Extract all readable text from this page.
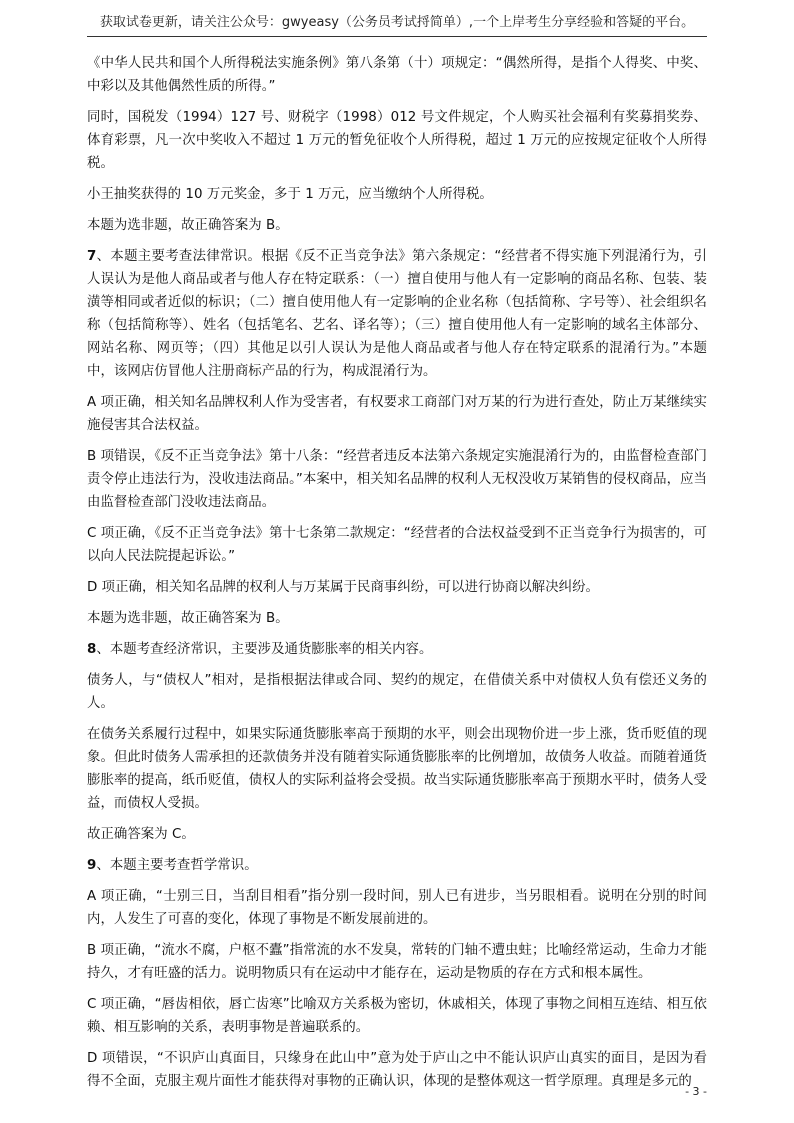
获取试卷更新，请关注公众号：gwyeasy（公务员考试捋简单）,一个上岸考生分享经验和答疑的平台。

《中华人民共和国个人所得税法实施条例》第八条第（十）项规定：“偶然所得，是指个人得奖、中奖、中彩以及其他偶然性质的所得。”

同时，国税发（1994）127 号、财税字（1998）012 号文件规定，个人购买社会福利有奖募捐奖券、体育彩票，凡一次中奖收入不超过 1 万元的暂免征收个人所得税，超过 1 万元的应按规定征收个人所得税。

小王抽奖获得的 10 万元奖金，多于 1 万元，应当缴纳个人所得税。

本题为选非题，故正确答案为 B。

7、本题主要考查法律常识。根据《反不正当竞争法》第六条规定：“经营者不得实施下列混淆行为，引人误认为是他人商品或者与他人存在特定联系：（一）擅自使用与他人有一定影响的商品名称、包装、装潢等相同或者近似的标识；（二）擅自使用他人有一定影响的企业名称（包括简称、字号等）、社会组织名称（包括简称等）、姓名（包括笔名、艺名、译名等）；（三）擅自使用他人有一定影响的域名主体部分、网站名称、网页等；（四）其他足以引人误认为是他人商品或者与他人存在特定联系的混淆行为。”本题中，该网店仿冒他人注册商标产品的行为，构成混淆行为。

A 项正确，相关知名品牌权利人作为受害者，有权要求工商部门对万某的行为进行查处，防止万某继续实施侵害其合法权益。

B 项错误，《反不正当竞争法》第十八条：“经营者违反本法第六条规定实施混淆行为的，由监督检查部门责令停止违法行为，没收违法商品。”本案中，相关知名品牌的权利人无权没收万某销售的侵权商品，应当由监督检查部门没收违法商品。

C 项正确，《反不正当竞争法》第十七条第二款规定：“经营者的合法权益受到不正当竞争行为损害的，可以向人民法院提起诉讼。”

D 项正确，相关知名品牌的权利人与万某属于民商事纠纷，可以进行协商以解决纠纷。

本题为选非题，故正确答案为 B。

8、本题考查经济常识，主要涉及通货膨胀率的相关内容。

债务人，与“债权人”相对，是指根据法律或合同、契约的规定，在借债关系中对债权人负有偿还义务的人。

在债务关系履行过程中，如果实际通货膨胀率高于预期的水平，则会出现物价进一步上涨，货币贬值的现象。但此时债务人需承担的还款债务并没有随着实际通货膨胀率的比例增加，故债务人收益。而随着通货膨胀率的提高，纸币贬值，债权人的实际利益将会受损。故当实际通货膨胀率高于预期水平时，债务人受益，而债权人受损。

故正确答案为 C。

9、本题主要考查哲学常识。

A 项正确，“士别三日，当刮目相看”指分别一段时间，别人已有进步，当另眼相看。说明在分别的时间内，人发生了可喜的变化，体现了事物是不断发展前进的。

B 项正确，“流水不腐，户枢不蠹”指常流的水不发臭，常转的门轴不遭虫蛀；比喻经常运动，生命力才能持久，才有旺盛的活力。说明物质只有在运动中才能存在，运动是物质的存在方式和根本属性。

C 项正确，“唇齿相依，唇亡齿寒”比喻双方关系极为密切，休戚相关，体现了事物之间相互连结、相互依赖、相互影响的关系，表明事物是普遍联系的。

D 项错误，“不识庐山真面目，只缘身在此山中”意为处于庐山之中不能认识庐山真实的面目，是因为看得不全面，克服主观片面性才能获得对事物的正确认识，体现的是整体观这一哲学原理。真理是多元的

- 3 -
